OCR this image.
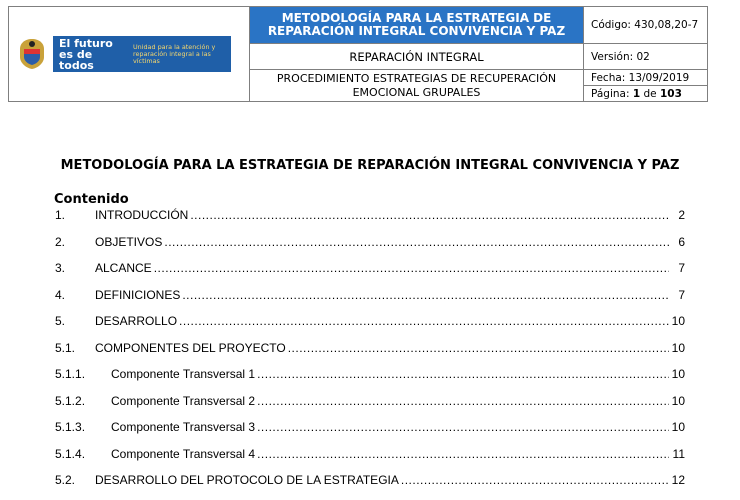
El futuro es de todos
Unidad para la atención y reparación integral a las víctimas	METODOLOGÍA PARA LA ESTRATEGIA DE REPARACIÓN INTEGRAL CONVIVENCIA Y PAZ	Código: 430,08,20-7
	REPARACIÓN INTEGRAL	Versión: 02
	PROCEDIMIENTO ESTRATEGIAS DE RECUPERACIÓN EMOCIONAL GRUPALES	Fecha: 13/09/2019
		Página: 1 de 103
METODOLOGÍA PARA LA ESTRATEGIA DE REPARACIÓN INTEGRAL CONVIVENCIA Y PAZ
Contenido
1.	INTRODUCCIÓN .....	2
2.	OBJETIVOS .....	6
3.	ALCANCE .....	7
4.	DEFINICIONES .....	7
5.	DESARROLLO .....	10
5.1.	COMPONENTES DEL PROYECTO .....	10
5.1.1.	Componente Transversal 1 .....	10
5.1.2.	Componente Transversal 2 .....	10
5.1.3.	Componente Transversal 3 .....	10
5.1.4.	Componente Transversal 4 .....	11
5.2.	DESARROLLO DEL PROTOCOLO DE LA ESTRATEGIA .....	12
